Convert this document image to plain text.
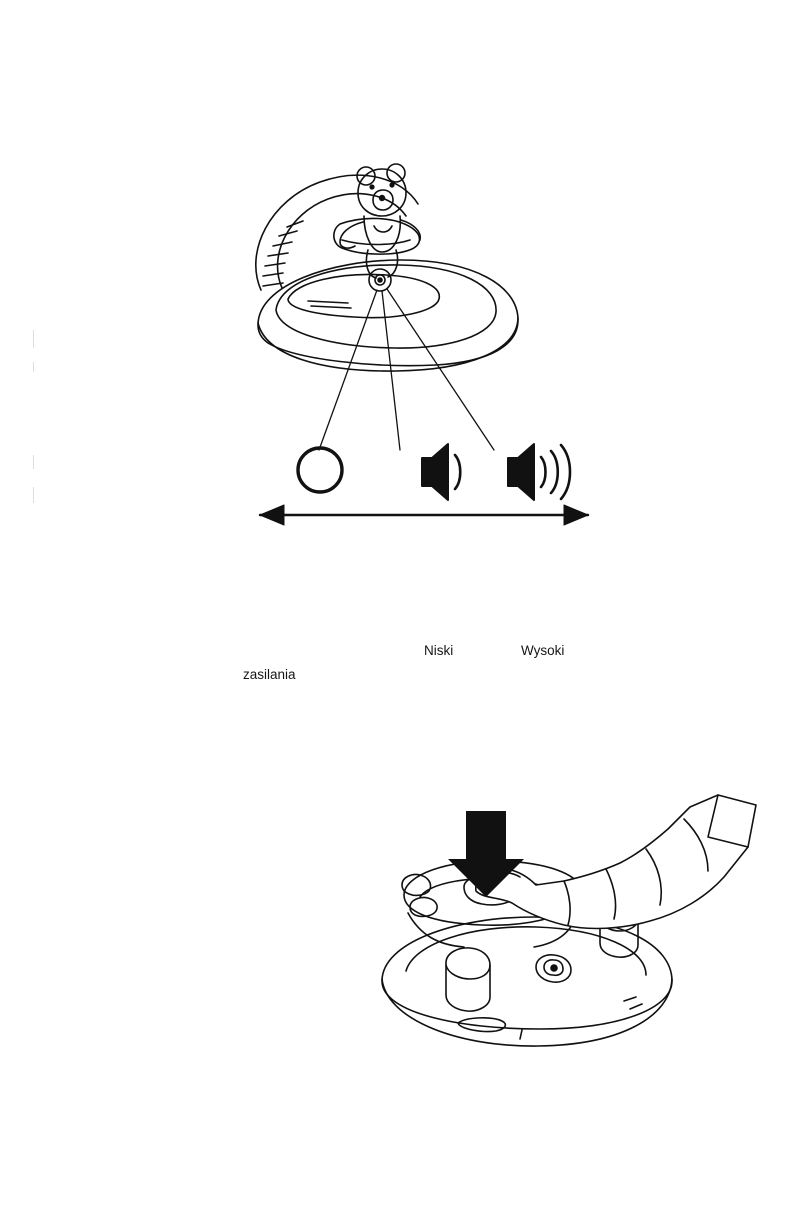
Niski	Wysoki
zasilania
